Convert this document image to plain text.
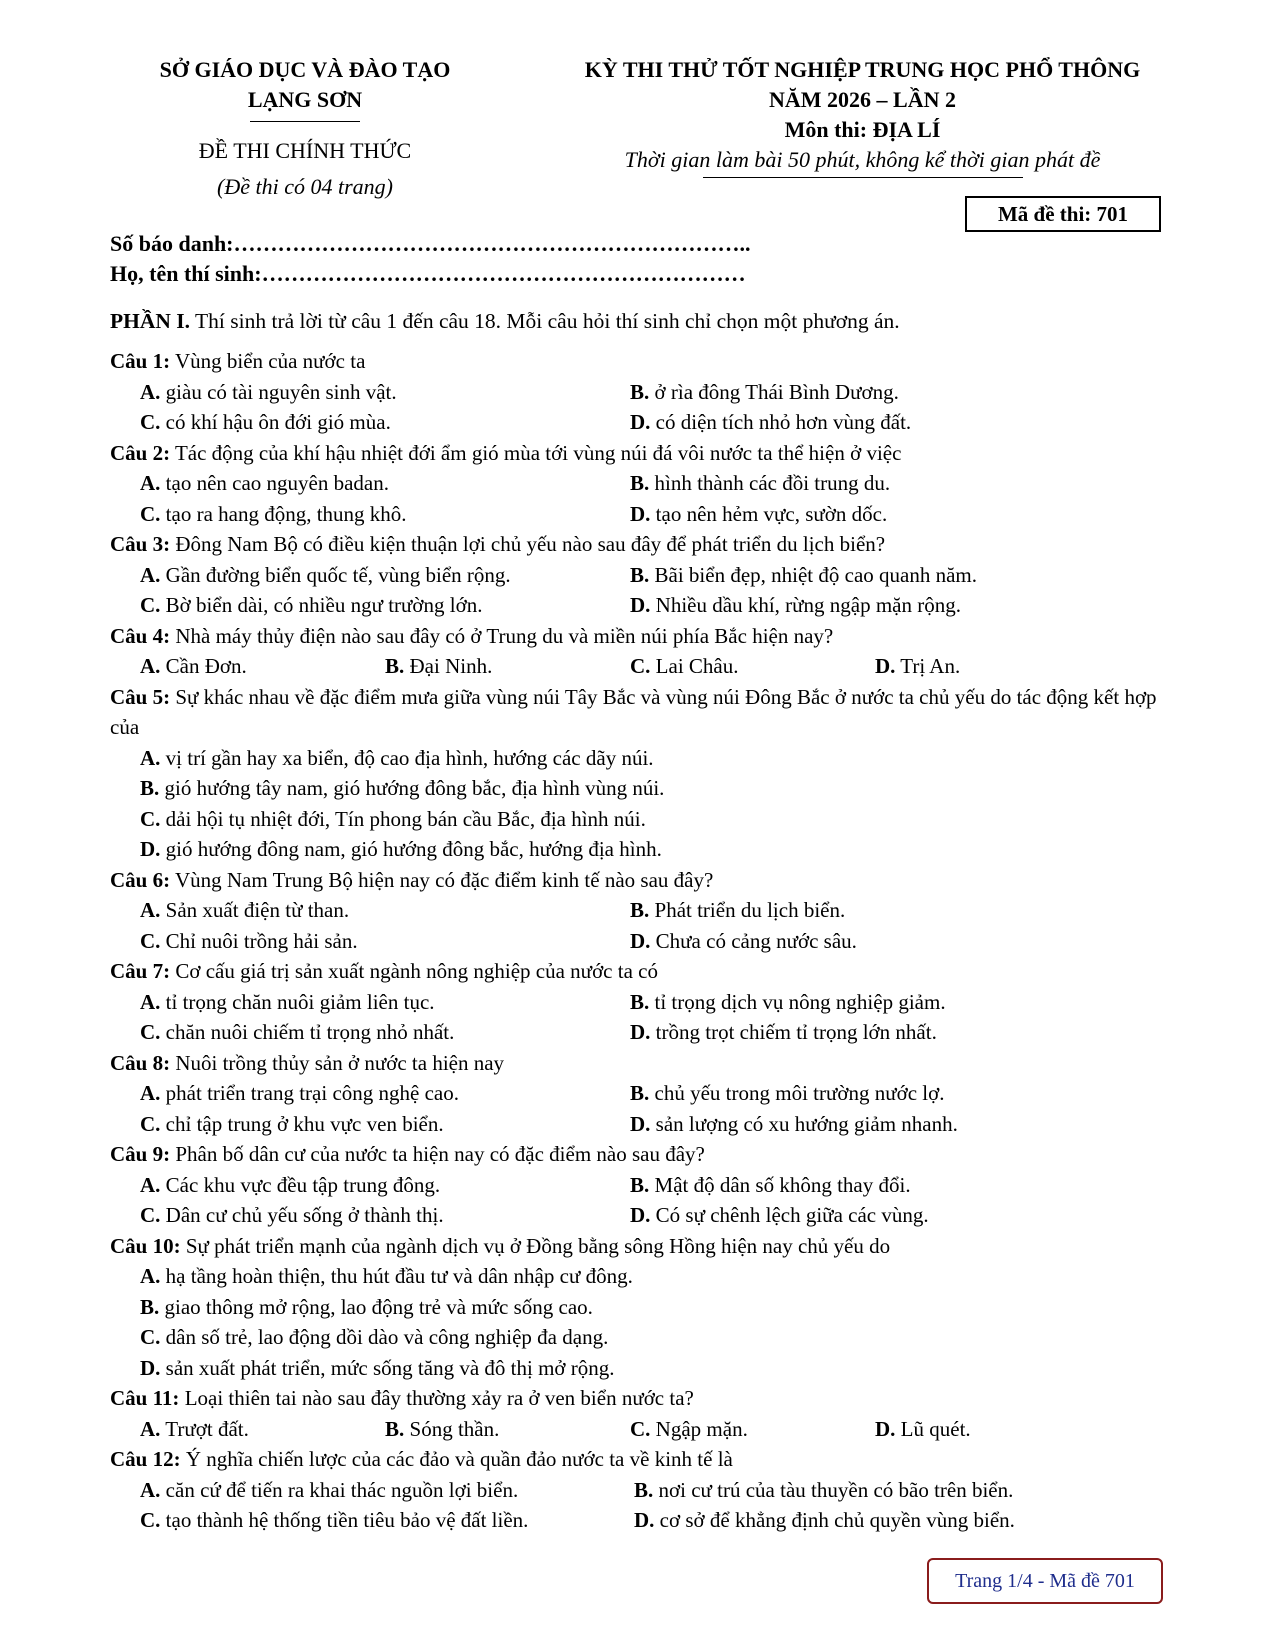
SỞ GIÁO DỤC VÀ ĐÀO TẠO
LẠNG SƠN
ĐỀ THI CHÍNH THỨC
(Đề thi có 04 trang)
KỲ THI THỬ TỐT NGHIỆP TRUNG HỌC PHỔ THÔNG
NĂM 2026 – LẦN 2
Môn thi: ĐỊA LÍ
Thời gian làm bài 50 phút, không kể thời gian phát đề
Mã đề thi: 701
Số báo danh:……………………………………………………………..
Họ, tên thí sinh:…………………………………………………………
PHẦN I. Thí sinh trả lời từ câu 1 đến câu 18. Mỗi câu hỏi thí sinh chỉ chọn một phương án.
Câu 1: Vùng biển của nước ta
A. giàu có tài nguyên sinh vật.	B. ở rìa đông Thái Bình Dương.
C. có khí hậu ôn đới gió mùa.	D. có diện tích nhỏ hơn vùng đất.
Câu 2: Tác động của khí hậu nhiệt đới ẩm gió mùa tới vùng núi đá vôi nước ta thể hiện ở việc
A. tạo nên cao nguyên badan.	B. hình thành các đồi trung du.
C. tạo ra hang động, thung khô.	D. tạo nên hẻm vực, sườn dốc.
Câu 3: Đông Nam Bộ có điều kiện thuận lợi chủ yếu nào sau đây để phát triển du lịch biển?
A. Gần đường biển quốc tế, vùng biển rộng.	B. Bãi biển đẹp, nhiệt độ cao quanh năm.
C. Bờ biển dài, có nhiều ngư trường lớn.	D. Nhiều dầu khí, rừng ngập mặn rộng.
Câu 4: Nhà máy thủy điện nào sau đây có ở Trung du và miền núi phía Bắc hiện nay?
A. Cần Đơn.	B. Đại Ninh.	C. Lai Châu.	D. Trị An.
Câu 5: Sự khác nhau về đặc điểm mưa giữa vùng núi Tây Bắc và vùng núi Đông Bắc ở nước ta chủ yếu do tác động kết hợp của
A. vị trí gần hay xa biển, độ cao địa hình, hướng các dãy núi.
B. gió hướng tây nam, gió hướng đông bắc, địa hình vùng núi.
C. dải hội tụ nhiệt đới, Tín phong bán cầu Bắc, địa hình núi.
D. gió hướng đông nam, gió hướng đông bắc, hướng địa hình.
Câu 6: Vùng Nam Trung Bộ hiện nay có đặc điểm kinh tế nào sau đây?
A. Sản xuất điện từ than.	B. Phát triển du lịch biển.
C. Chỉ nuôi trồng hải sản.	D. Chưa có cảng nước sâu.
Câu 7: Cơ cấu giá trị sản xuất ngành nông nghiệp của nước ta có
A. tỉ trọng chăn nuôi giảm liên tục.	B. tỉ trọng dịch vụ nông nghiệp giảm.
C. chăn nuôi chiếm tỉ trọng nhỏ nhất.	D. trồng trọt chiếm tỉ trọng lớn nhất.
Câu 8: Nuôi trồng thủy sản ở nước ta hiện nay
A. phát triển trang trại công nghệ cao.	B. chủ yếu trong môi trường nước lợ.
C. chỉ tập trung ở khu vực ven biển.	D. sản lượng có xu hướng giảm nhanh.
Câu 9: Phân bố dân cư của nước ta hiện nay có đặc điểm nào sau đây?
A. Các khu vực đều tập trung đông.	B. Mật độ dân số không thay đổi.
C. Dân cư chủ yếu sống ở thành thị.	D. Có sự chênh lệch giữa các vùng.
Câu 10: Sự phát triển mạnh của ngành dịch vụ ở Đồng bằng sông Hồng hiện nay chủ yếu do
A. hạ tầng hoàn thiện, thu hút đầu tư và dân nhập cư đông.
B. giao thông mở rộng, lao động trẻ và mức sống cao.
C. dân số trẻ, lao động dồi dào và công nghiệp đa dạng.
D. sản xuất phát triển, mức sống tăng và đô thị mở rộng.
Câu 11: Loại thiên tai nào sau đây thường xảy ra ở ven biển nước ta?
A. Trượt đất.	B. Sóng thần.	C. Ngập mặn.	D. Lũ quét.
Câu 12: Ý nghĩa chiến lược của các đảo và quần đảo nước ta về kinh tế là
A. căn cứ để tiến ra khai thác nguồn lợi biển.	B. nơi cư trú của tàu thuyền có bão trên biển.
C. tạo thành hệ thống tiền tiêu bảo vệ đất liền.	D. cơ sở để khẳng định chủ quyền vùng biển.
Trang 1/4 - Mã đề 701
